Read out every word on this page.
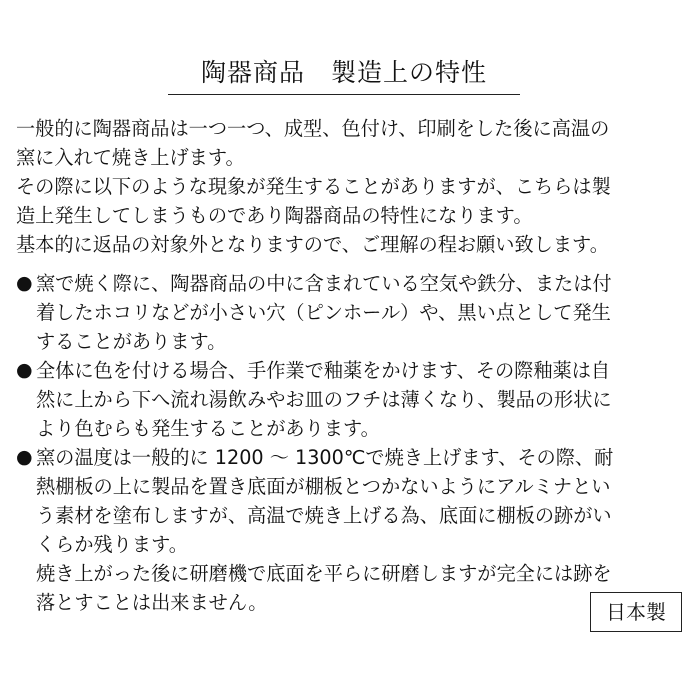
陶器商品　製造上の特性

一般的に陶器商品は一つ一つ、成型、色付け、印刷をした後に高温の

窯に入れて焼き上げます。

その際に以下のような現象が発生することがありますが、こちらは製

造上発生してしまうものであり陶器商品の特性になります。

基本的に返品の対象外となりますので、ご理解の程お願い致します。

● 窯で焼く際に、陶器商品の中に含まれている空気や鉄分、または付

着したホコリなどが小さい穴（ピンホール）や、黒い点として発生

することがあります。

● 全体に色を付ける場合、手作業で釉薬をかけます、その際釉薬は自

然に上から下へ流れ湯飲みやお皿のフチは薄くなり、製品の形状に

より色むらも発生することがあります。

● 窯の温度は一般的に 1200 ～ 1300℃で焼き上げます、その際、耐

熱棚板の上に製品を置き底面が棚板とつかないようにアルミナとい

う素材を塗布しますが、高温で焼き上げる為、底面に棚板の跡がい

くらか残ります。

焼き上がった後に研磨機で底面を平らに研磨しますが完全には跡を

落とすことは出来ません。	日本製
